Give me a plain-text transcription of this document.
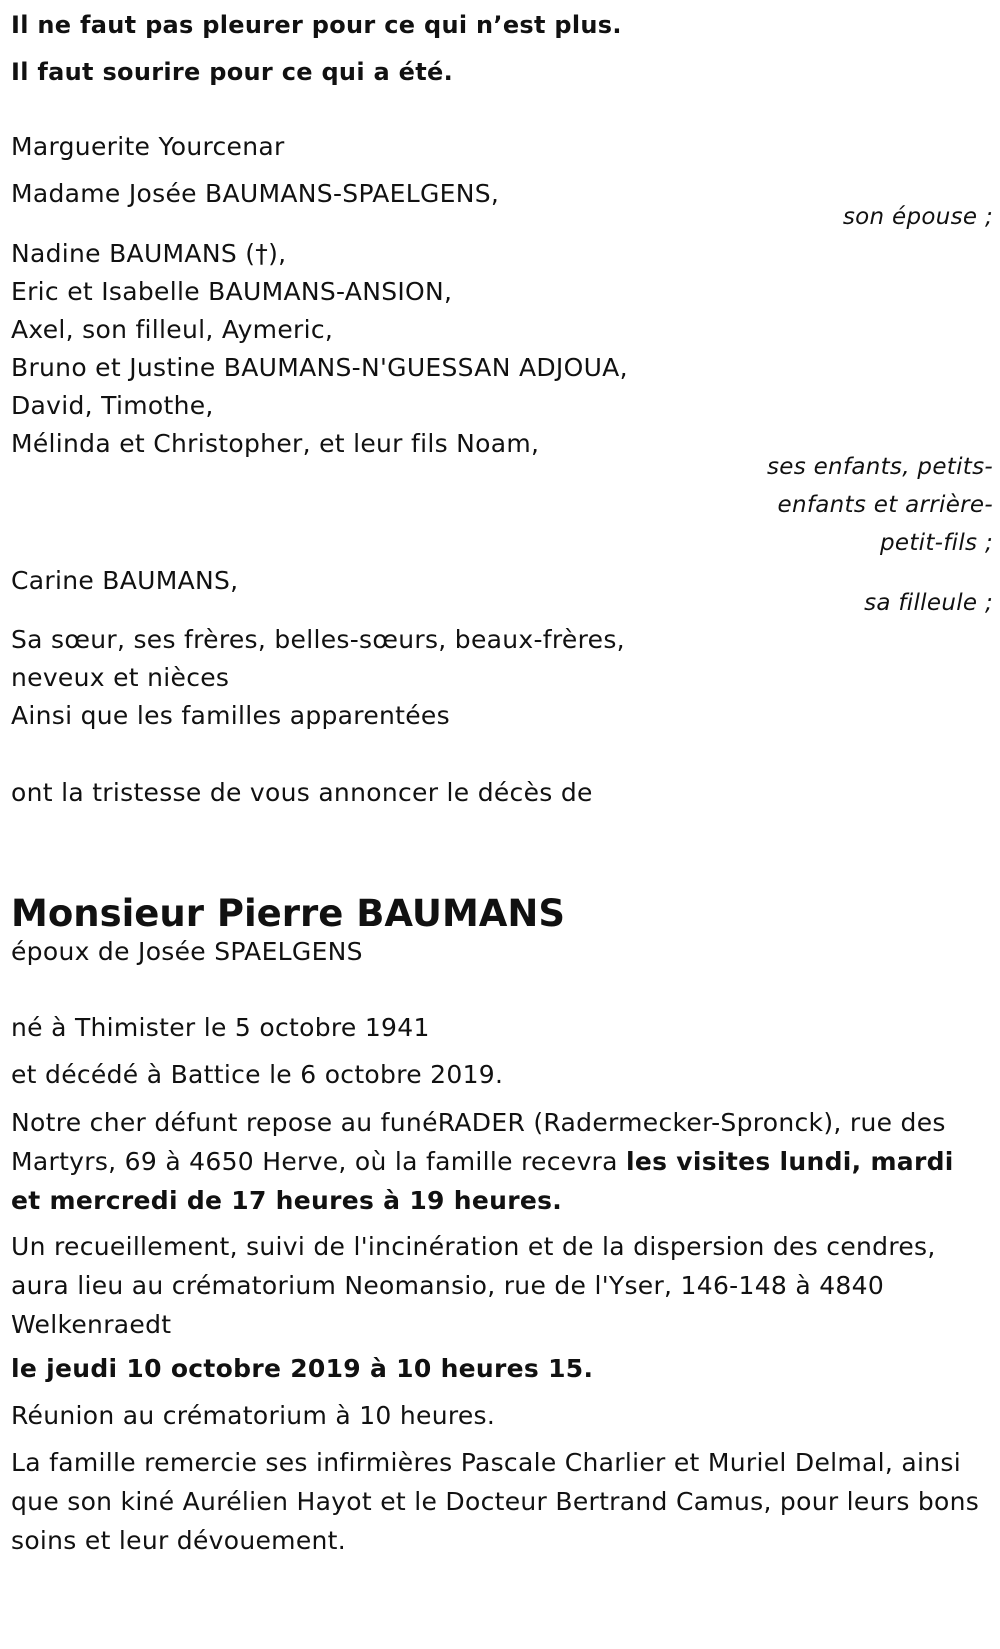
Il ne faut pas pleurer pour ce qui n’est plus.
Il faut sourire pour ce qui a été.
Marguerite Yourcenar
Madame Josée BAUMANS-SPAELGENS,
son épouse ;
Nadine BAUMANS (†),
Eric et Isabelle BAUMANS-ANSION,
Axel, son filleul, Aymeric,
Bruno et Justine BAUMANS-N'GUESSAN ADJOUA,
David, Timothe,
Mélinda et Christopher, et leur fils Noam,
ses enfants, petits-
enfants et arrière-
petit-fils ;
Carine BAUMANS,
sa filleule ;
Sa sœur, ses frères, belles-sœurs, beaux-frères,
neveux et nièces
Ainsi que les familles apparentées
ont la tristesse de vous annoncer le décès de
Monsieur Pierre BAUMANS
époux de Josée SPAELGENS
né à Thimister le 5 octobre 1941
et décédé à Battice le 6 octobre 2019.
Notre cher défunt repose au funéRADER (Radermecker-Spronck), rue des Martyrs, 69 à 4650 Herve, où la famille recevra les visites lundi, mardi et mercredi de 17 heures à 19 heures.
Un recueillement, suivi de l'incinération et de la dispersion des cendres, aura lieu au crématorium Neomansio, rue de l'Yser, 146-148 à 4840 Welkenraedt
le jeudi 10 octobre 2019 à 10 heures 15.
Réunion au crématorium à 10 heures.
La famille remercie ses infirmières Pascale Charlier et Muriel Delmal, ainsi que son kiné Aurélien Hayot et le Docteur Bertrand Camus, pour leurs bons soins et leur dévouement.
